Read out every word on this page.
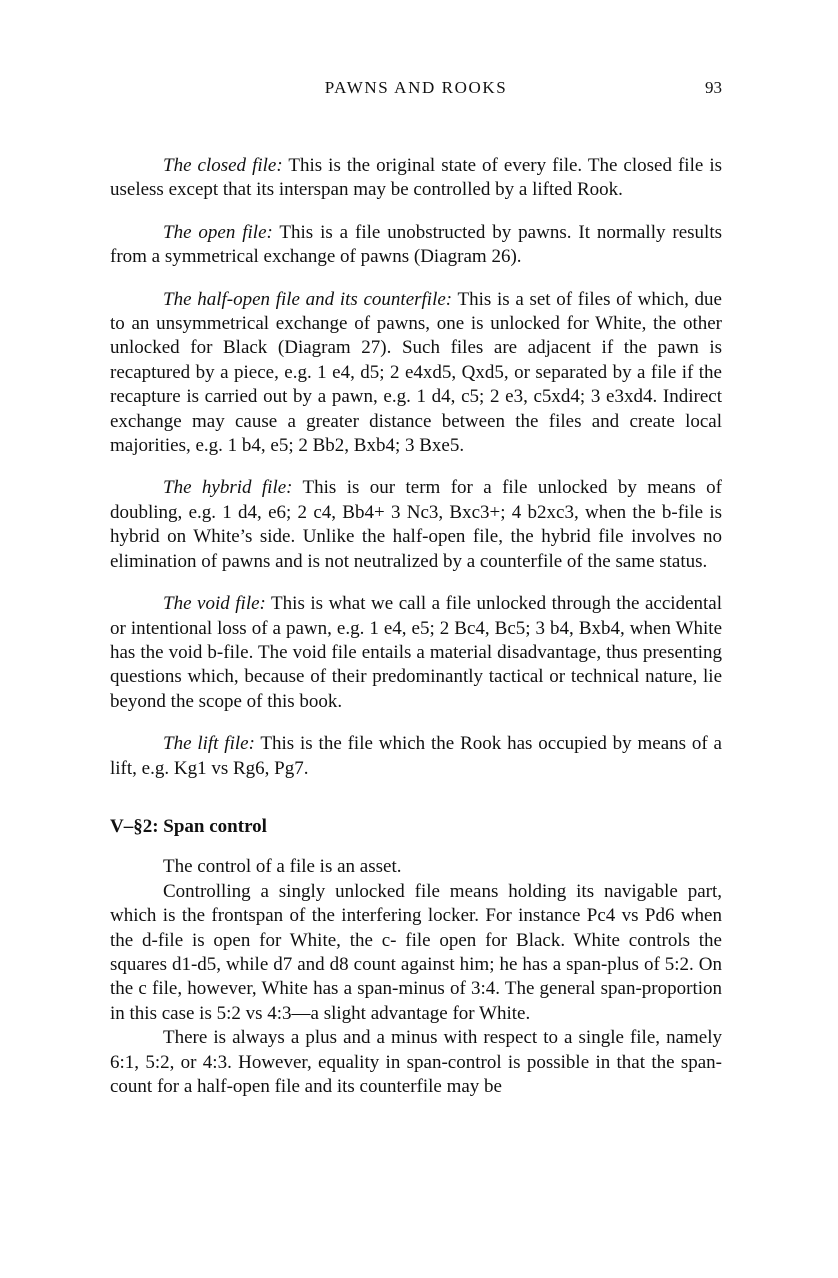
PAWNS AND ROOKS	93

The closed file: This is the original state of every file. The closed file is useless except that its interspan may be controlled by a lifted Rook.

The open file: This is a file unobstructed by pawns. It normally results from a symmetrical exchange of pawns (Diagram 26).

The half-open file and its counterfile: This is a set of files of which, due to an unsymmetrical exchange of pawns, one is unlocked for White, the other unlocked for Black (Diagram 27). Such files are adjacent if the pawn is recaptured by a piece, e.g. 1 e4, d5; 2 e4xd5, Qxd5, or separated by a file if the recapture is carried out by a pawn, e.g. 1 d4, c5; 2 e3, c5xd4; 3 e3xd4. Indirect exchange may cause a greater distance between the files and create local majorities, e.g. 1 b4, e5; 2 Bb2, Bxb4; 3 Bxe5.

The hybrid file: This is our term for a file unlocked by means of doubling, e.g. 1 d4, e6; 2 c4, Bb4+ 3 Nc3, Bxc3+; 4 b2xc3, when the b-file is hybrid on White’s side. Unlike the half-open file, the hybrid file involves no elimination of pawns and is not neutralized by a counterfile of the same status.

The void file: This is what we call a file unlocked through the accidental or intentional loss of a pawn, e.g. 1 e4, e5; 2 Bc4, Bc5; 3 b4, Bxb4, when White has the void b-file. The void file entails a material disadvantage, thus presenting questions which, because of their predominantly tactical or technical nature, lie beyond the scope of this book.

The lift file: This is the file which the Rook has occupied by means of a lift, e.g. Kg1 vs Rg6, Pg7.

V–§2: Span control

The control of a file is an asset.

Controlling a singly unlocked file means holding its navigable part, which is the frontspan of the interfering locker. For instance Pc4 vs Pd6 when the d-file is open for White, the c- file open for Black. White controls the squares d1-d5, while d7 and d8 count against him; he has a span-plus of 5:2. On the c file, however, White has a span-minus of 3:4. The general span-proportion in this case is 5:2 vs 4:3—a slight advantage for White.

There is always a plus and a minus with respect to a single file, namely 6:1, 5:2, or 4:3. However, equality in span-control is possible in that the span-count for a half-open file and its counterfile may be
